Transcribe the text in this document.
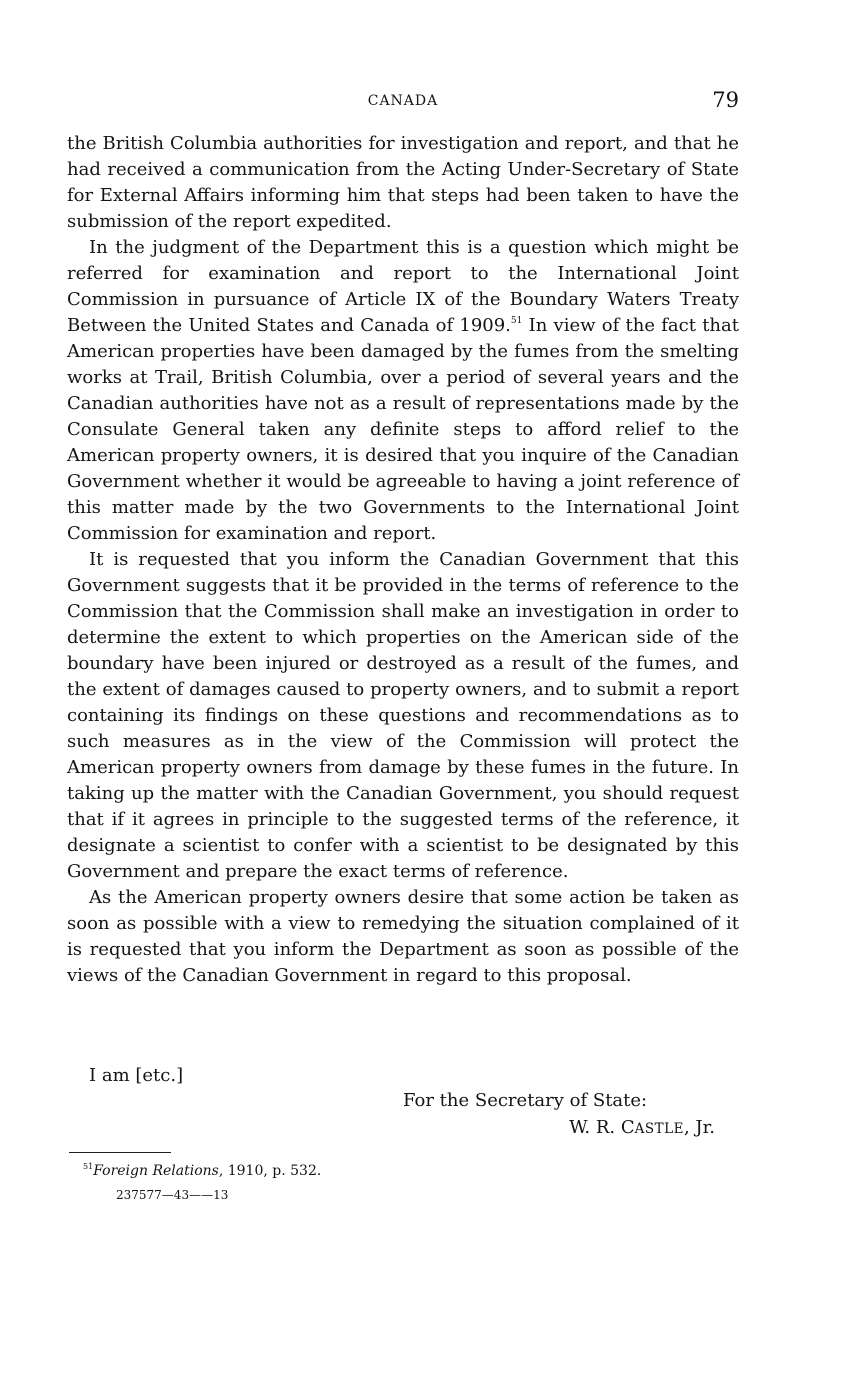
CANADA	79

the British Columbia authorities for investigation and report, and that he had received a communication from the Acting Under-Secretary of State for External Affairs informing him that steps had been taken to have the submission of the report expedited.

In the judgment of the Department this is a question which might be referred for examination and report to the International Joint Commission in pursuance of Article IX of the Boundary Waters Treaty Between the United States and Canada of 1909.51 In view of the fact that American properties have been damaged by the fumes from the smelting works at Trail, British Columbia, over a period of several years and the Canadian authorities have not as a result of representations made by the Consulate General taken any definite steps to afford relief to the American property owners, it is desired that you inquire of the Canadian Government whether it would be agreeable to having a joint reference of this matter made by the two Governments to the International Joint Commission for examination and report.

It is requested that you inform the Canadian Government that this Government suggests that it be provided in the terms of reference to the Commission that the Commission shall make an investigation in order to determine the extent to which properties on the American side of the boundary have been injured or destroyed as a result of the fumes, and the extent of damages caused to property owners, and to submit a report containing its findings on these questions and recommendations as to such measures as in the view of the Commission will protect the American property owners from damage by these fumes in the future. In taking up the matter with the Canadian Government, you should request that if it agrees in principle to the suggested terms of the reference, it designate a scientist to confer with a scientist to be designated by this Government and prepare the exact terms of reference.

As the American property owners desire that some action be taken as soon as possible with a view to remedying the situation complained of it is requested that you inform the Department as soon as possible of the views of the Canadian Government in regard to this proposal.

I am [etc.]
For the Secretary of State:
W. R. CASTLE, Jr.
$^{51}$Foreign Relations, 1910, p. 532.
237577—43——13
